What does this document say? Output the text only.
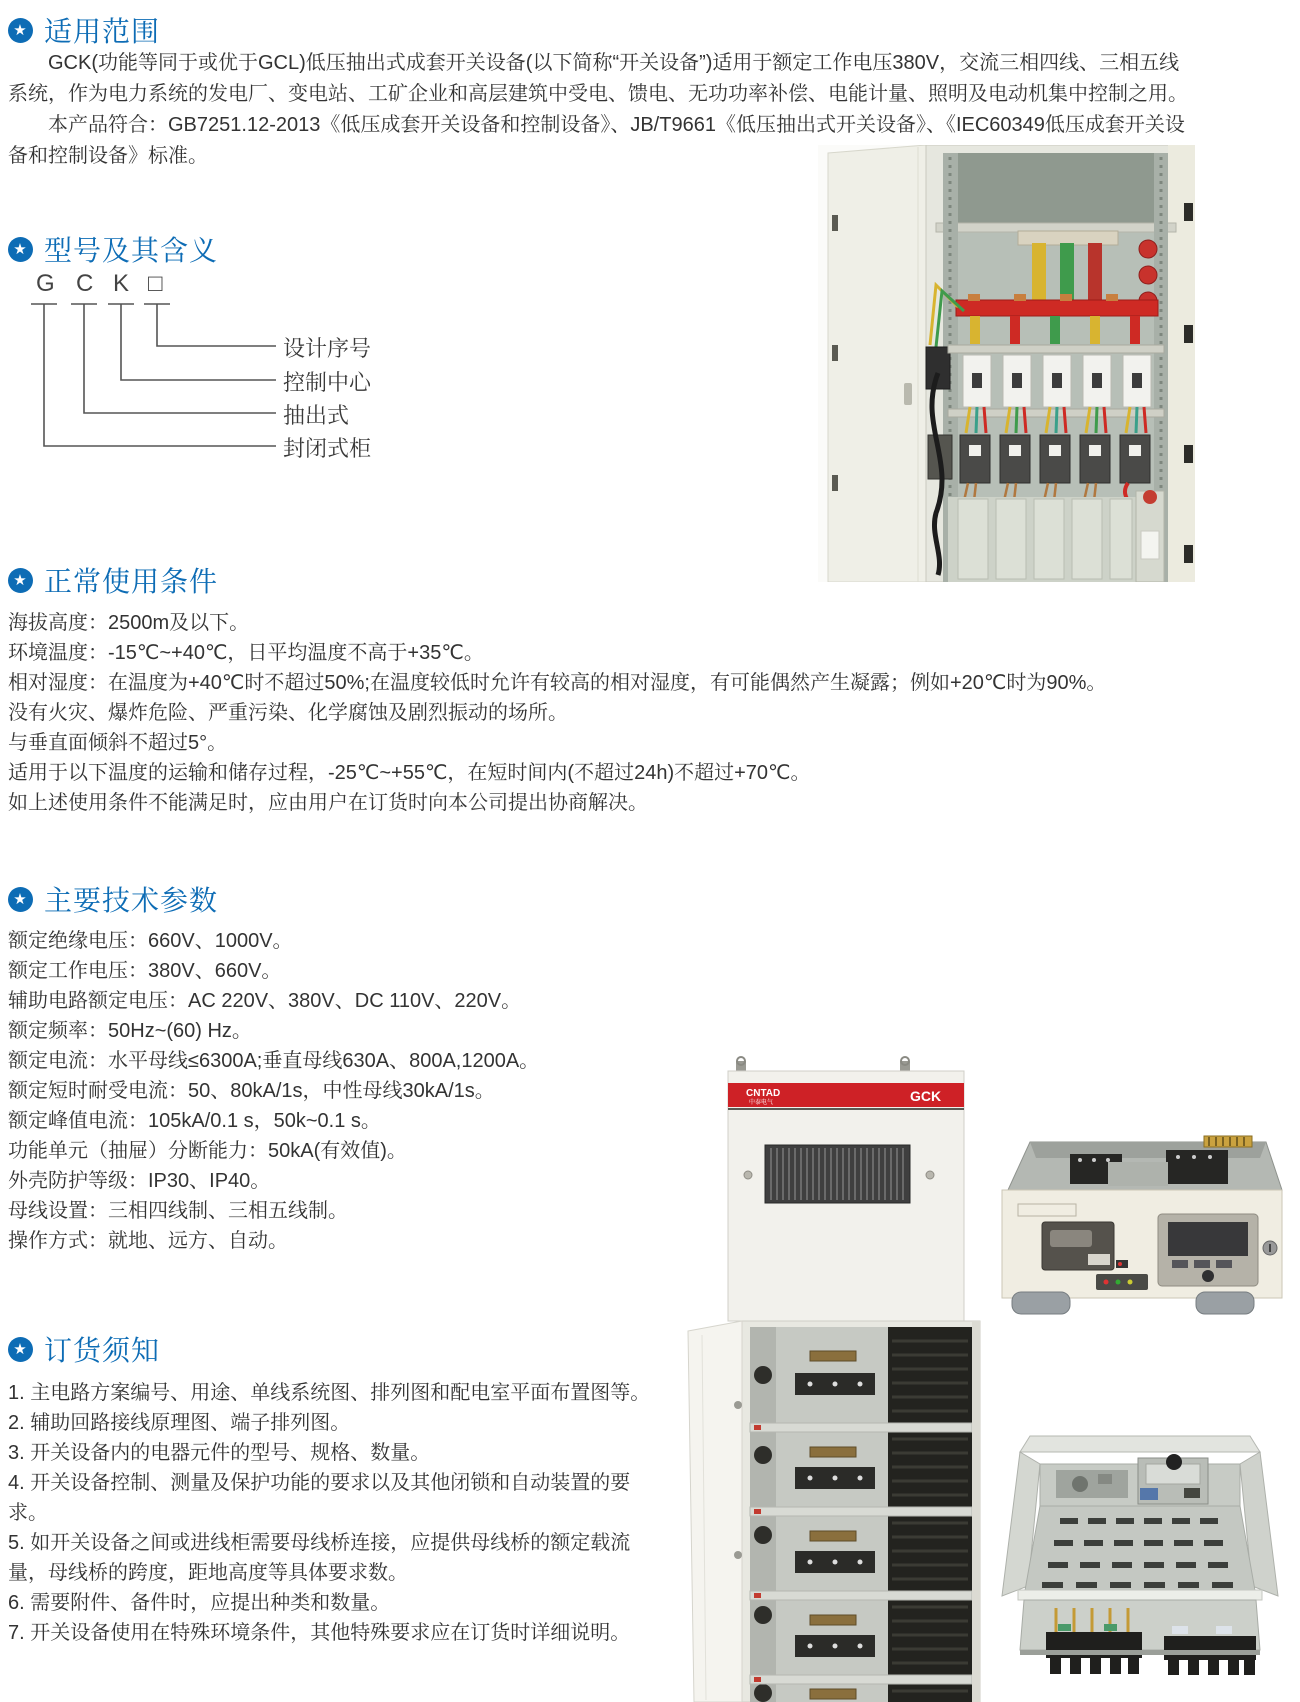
★ 适用范围

GCK(功能等同于或优于GCL)低压抽出式成套开关设备(以下简称“开关设备”)适用于额定工作电压380V，交流三相四线、三相五线系统，作为电力系统的发电厂、变电站、工矿企业和高层建筑中受电、馈电、无功功率补偿、电能计量、照明及电动机集中控制之用。

本产品符合：GB7251.12-2013《低压成套开关设备和控制设备》、JB/T9661《低压抽出式开关设备》、《IEC60349低压成套开关设备和控制设备》标准。

★ 型号及其含义
G C K □
设计序号
控制中心
抽出式
封闭式柜
★ 正常使用条件
海拔高度：2500m及以下。
环境温度：-15℃~+40℃，日平均温度不高于+35℃。
相对湿度：在温度为+40℃时不超过50%;在温度较低时允许有较高的相对湿度，有可能偶然产生凝露；例如+20℃时为90%。
没有火灾、爆炸危险、严重污染、化学腐蚀及剧烈振动的场所。
与垂直面倾斜不超过5°。
适用于以下温度的运输和储存过程，-25℃~+55℃，在短时间内(不超过24h)不超过+70℃。
如上述使用条件不能满足时，应由用户在订货时向本公司提出协商解决。
★ 主要技术参数
额定绝缘电压：660V、1000V。
额定工作电压：380V、660V。
辅助电路额定电压：AC 220V、380V、DC 110V、220V。
额定频率：50Hz~(60) Hz。
额定电流：水平母线≤6300A;垂直母线630A、800A,1200A。
额定短时耐受电流：50、80kA/1s，中性母线30kA/1s。
额定峰值电流：105kA/0.1 s，50k~0.1 s。
功能单元（抽屉）分断能力：50kA(有效值)。
外壳防护等级：IP30、IP40。
母线设置：三相四线制、三相五线制。
操作方式：就地、远方、自动。
CNTAD
中泰电气	GCK
★ 订货须知
1. 主电路方案编号、用途、单线系统图、排列图和配电室平面布置图等。
2. 辅助回路接线原理图、端子排列图。
3. 开关设备内的电器元件的型号、规格、数量。
4. 开关设备控制、测量及保护功能的要求以及其他闭锁和自动装置的要求。
5. 如开关设备之间或进线柜需要母线桥连接，应提供母线桥的额定载流量，母线桥的跨度，距地高度等具体要求数。
6. 需要附件、备件时，应提出种类和数量。
7. 开关设备使用在特殊环境条件，其他特殊要求应在订货时详细说明。
